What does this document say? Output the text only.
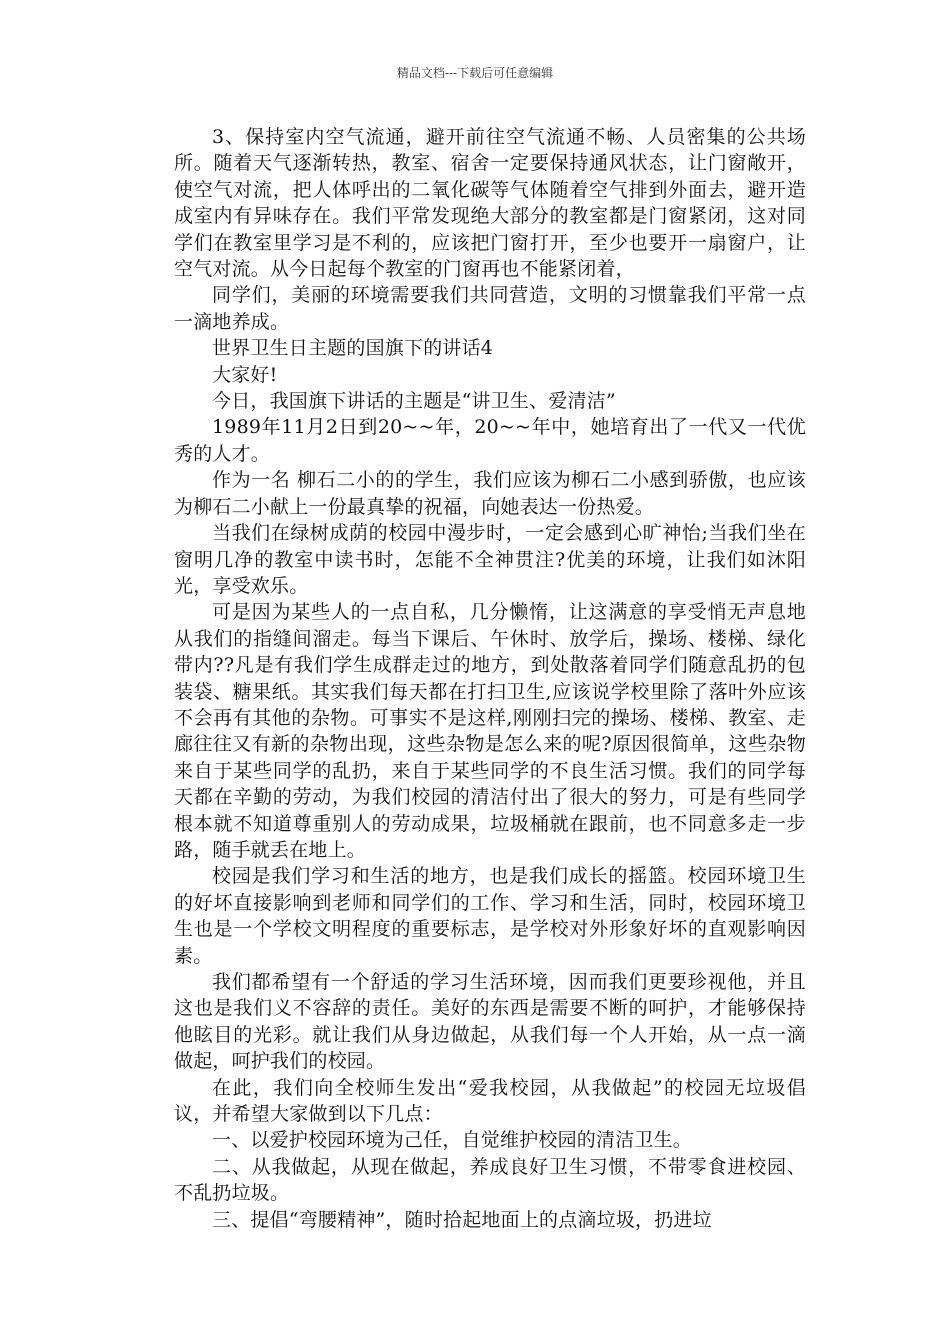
精品文档---下载后可任意编辑

3、保持室内空气流通，避开前往空气流通不畅、人员密集的公共场所。随着天气逐渐转热，教室、宿舍一定要保持通风状态，让门窗敞开，使空气对流，把人体呼出的二氧化碳等气体随着空气排到外面去，避开造成室内有异味存在。我们平常发现绝大部分的教室都是门窗紧闭，这对同学们在教室里学习是不利的，应该把门窗打开，至少也要开一扇窗户，让空气对流。从今日起每个教室的门窗再也不能紧闭着，

同学们，美丽的环境需要我们共同营造，文明的习惯靠我们平常一点一滴地养成。

世界卫生日主题的国旗下的讲话4

大家好!

今日，我国旗下讲话的主题是“讲卫生、爱清洁”

1989年11月2日到20~~年，20~~年中，她培育出了一代又一代优秀的人才。

作为一名 柳石二小的的学生，我们应该为柳石二小感到骄傲，也应该为柳石二小献上一份最真挚的祝福，向她表达一份热爱。

当我们在绿树成荫的校园中漫步时，一定会感到心旷神怡;当我们坐在窗明几净的教室中读书时，怎能不全神贯注?优美的环境，让我们如沐阳光，享受欢乐。

可是因为某些人的一点自私，几分懒惰，让这满意的享受悄无声息地从我们的指缝间溜走。每当下课后、午休时、放学后，操场、楼梯、绿化带内??凡是有我们学生成群走过的地方，到处散落着同学们随意乱扔的包装袋、糖果纸。其实我们每天都在打扫卫生,应该说学校里除了落叶外应该不会再有其他的杂物。可事实不是这样,刚刚扫完的操场、楼梯、教室、走廊往往又有新的杂物出现，这些杂物是怎么来的呢?原因很简单，这些杂物来自于某些同学的乱扔，来自于某些同学的不良生活习惯。我们的同学每天都在辛勤的劳动，为我们校园的清洁付出了很大的努力，可是有些同学根本就不知道尊重别人的劳动成果，垃圾桶就在跟前，也不同意多走一步路，随手就丢在地上。

校园是我们学习和生活的地方，也是我们成长的摇篮。校园环境卫生的好坏直接影响到老师和同学们的工作、学习和生活，同时，校园环境卫生也是一个学校文明程度的重要标志，是学校对外形象好坏的直观影响因素。

我们都希望有一个舒适的学习生活环境，因而我们更要珍视他，并且这也是我们义不容辞的责任。美好的东西是需要不断的呵护，才能够保持他眩目的光彩。就让我们从身边做起，从我们每一个人开始，从一点一滴做起，呵护我们的校园。

在此，我们向全校师生发出“爱我校园，从我做起”的校园无垃圾倡议，并希望大家做到以下几点：

一、以爱护校园环境为己任，自觉维护校园的清洁卫生。

二、从我做起，从现在做起，养成良好卫生习惯，不带零食进校园、不乱扔垃圾。

三、提倡“弯腰精神”，随时拾起地面上的点滴垃圾，扔进垃
